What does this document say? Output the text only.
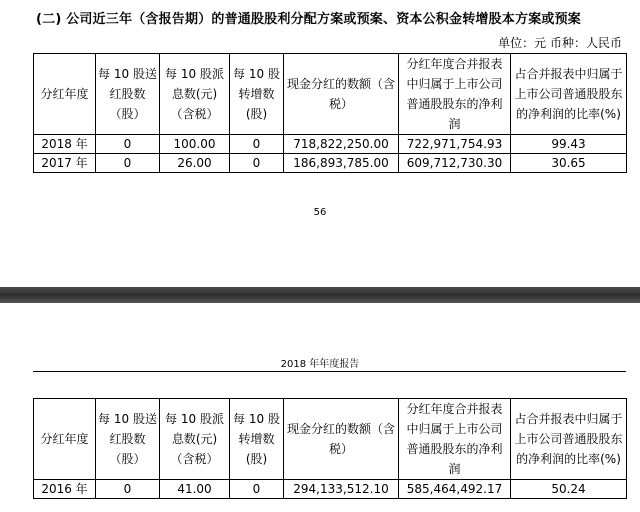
(二) 公司近三年（含报告期）的普通股股利分配方案或预案、资本公积金转增股本方案或预案
单位：元 币种：人民币
分红年度	每 10 股送红股数（股）	每 10 股派息数(元)（含税）	每 10 股转增数(股)	现金分红的数额（含税）	分红年度合并报表中归属于上市公司普通股股东的净利润	占合并报表中归属于上市公司普通股股东的净利润的比率(%)
2018 年	0	100.00	0	718,822,250.00	722,971,754.93	99.43
2017 年	0	26.00	0	186,893,785.00	609,712,730.30	30.65
56
2018 年年度报告
分红年度	每 10 股送红股数（股）	每 10 股派息数(元)（含税）	每 10 股转增数(股)	现金分红的数额（含税）	分红年度合并报表中归属于上市公司普通股股东的净利润	占合并报表中归属于上市公司普通股股东的净利润的比率(%)
2016 年	0	41.00	0	294,133,512.10	585,464,492.17	50.24
